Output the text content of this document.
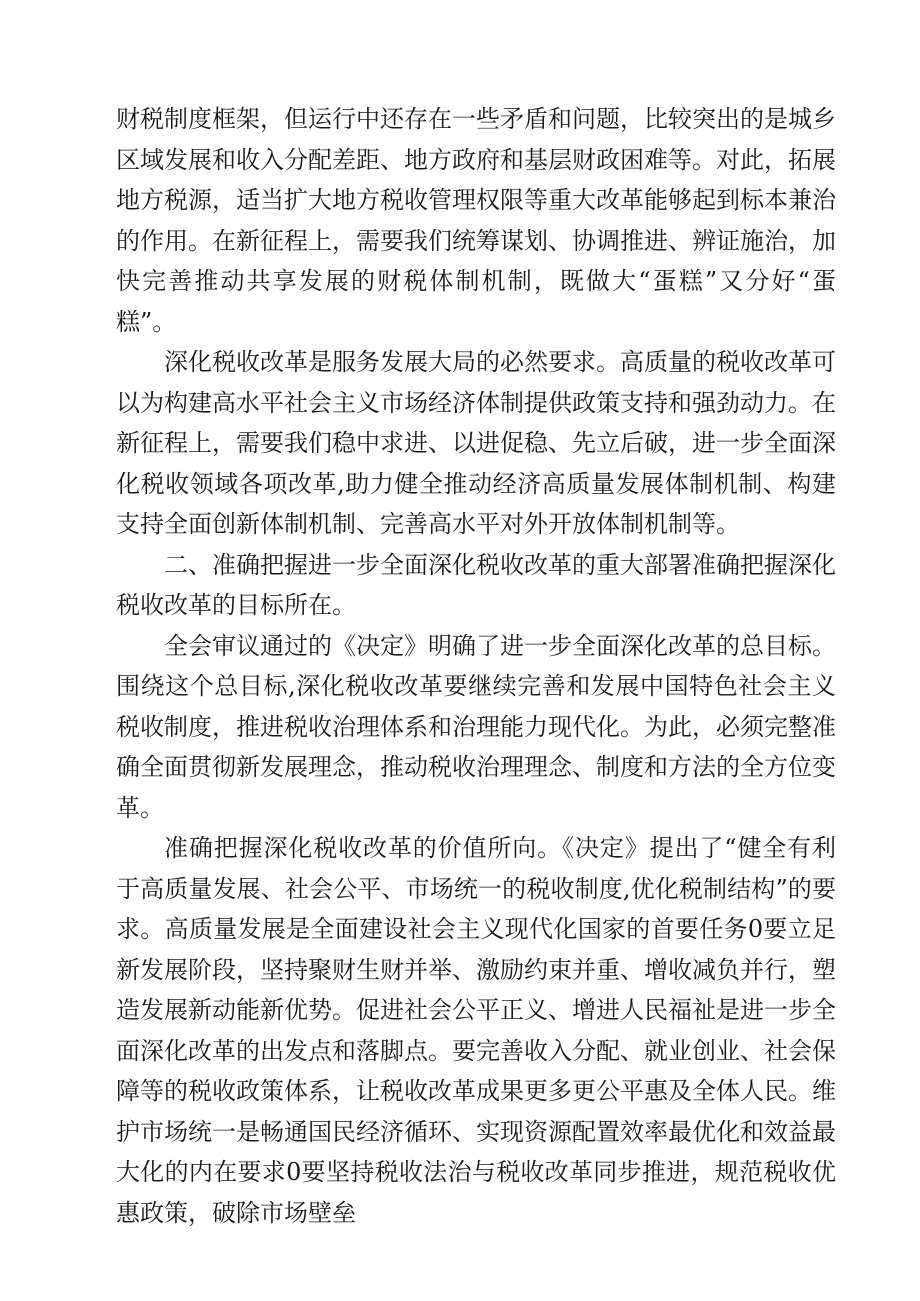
财税制度框架，但运行中还存在一些矛盾和问题，比较突出的是城乡区域发展和收入分配差距、地方政府和基层财政困难等。对此，拓展地方税源，适当扩大地方税收管理权限等重大改革能够起到标本兼治的作用。在新征程上，需要我们统筹谋划、协调推进、辨证施治，加快完善推动共享发展的财税体制机制，既做大“蛋糕”又分好“蛋糕”。

深化税收改革是服务发展大局的必然要求。高质量的税收改革可以为构建高水平社会主义市场经济体制提供政策支持和强劲动力。在新征程上，需要我们稳中求进、以进促稳、先立后破，进一步全面深化税收领域各项改革,助力健全推动经济高质量发展体制机制、构建支持全面创新体制机制、完善高水平对外开放体制机制等。

二、准确把握进一步全面深化税收改革的重大部署准确把握深化税收改革的目标所在。

全会审议通过的《决定》明确了进一步全面深化改革的总目标。围绕这个总目标,深化税收改革要继续完善和发展中国特色社会主义税收制度，推进税收治理体系和治理能力现代化。为此，必须完整准确全面贯彻新发展理念，推动税收治理理念、制度和方法的全方位变革。

准确把握深化税收改革的价值所向。《决定》提出了“健全有利于高质量发展、社会公平、市场统一的税收制度,优化税制结构”的要求。高质量发展是全面建设社会主义现代化国家的首要任务0要立足新发展阶段，坚持聚财生财并举、激励约束并重、增收减负并行，塑造发展新动能新优势。促进社会公平正义、增进人民福祉是进一步全面深化改革的出发点和落脚点。要完善收入分配、就业创业、社会保障等的税收政策体系，让税收改革成果更多更公平惠及全体人民。维护市场统一是畅通国民经济循环、实现资源配置效率最优化和效益最大化的内在要求0要坚持税收法治与税收改革同步推进，规范税收优惠政策，破除市场壁垒
